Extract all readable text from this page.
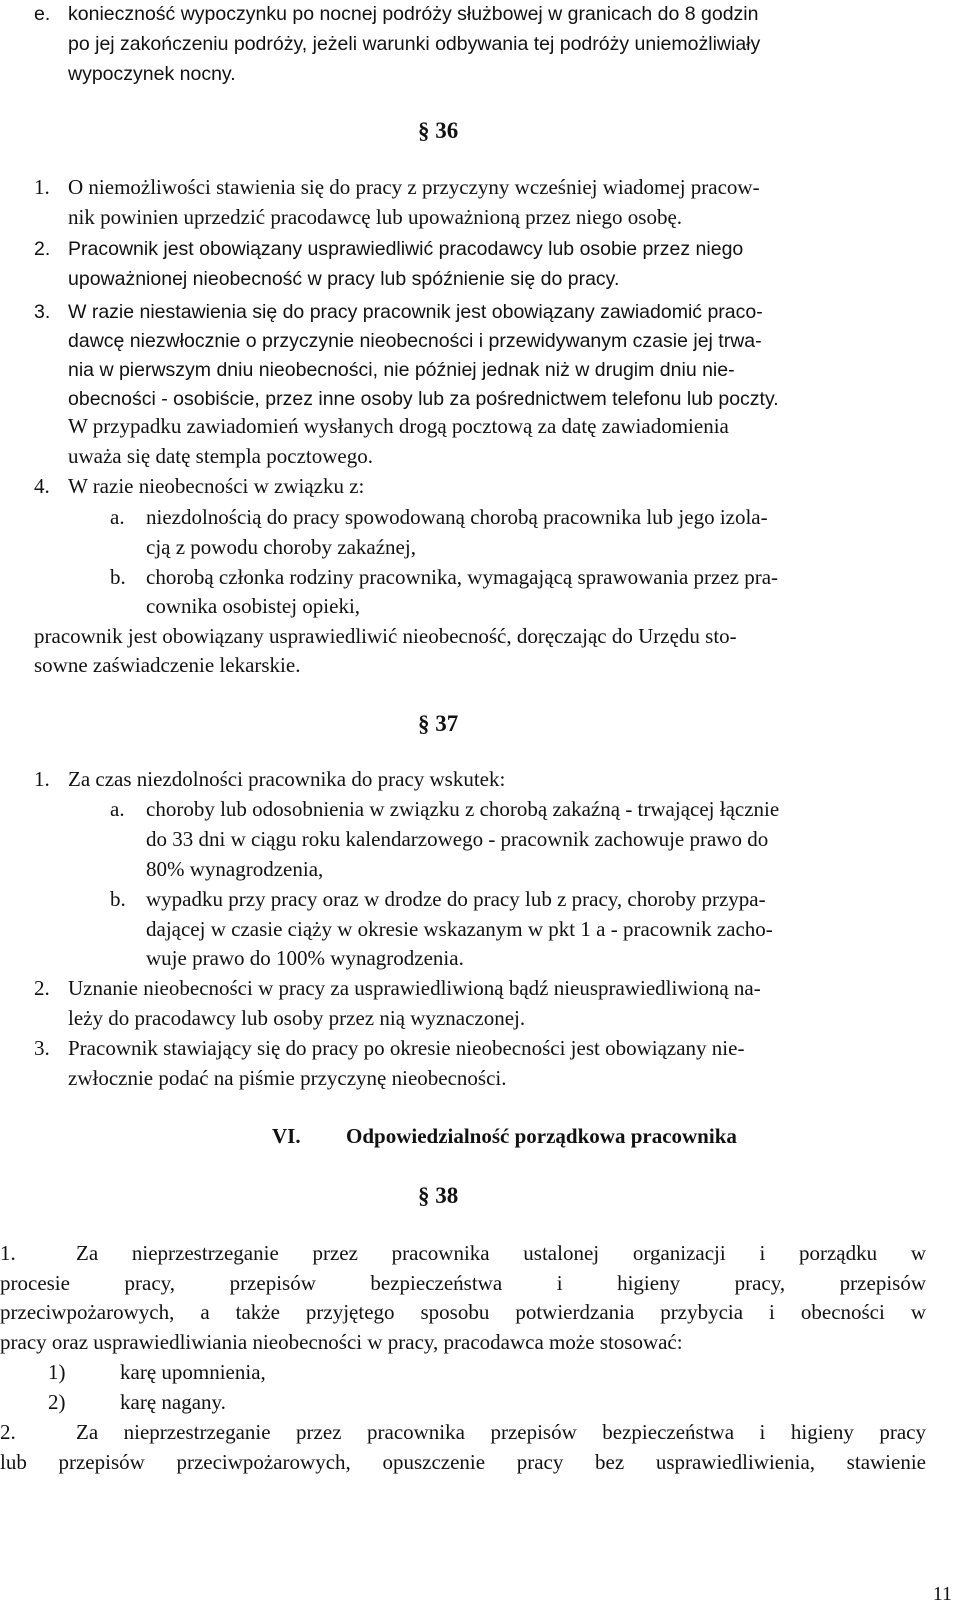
e. konieczność wypoczynku po nocnej podróży służbowej w granicach do 8 godzin
po jej zakończeniu podróży, jeżeli warunki odbywania tej podróży uniemożliwiały
wypoczynek nocny.
§ 36
1. O niemożliwości stawienia się do pracy z przyczyny wcześniej wiadomej pracow-
nik powinien uprzedzić pracodawcę lub upoważnioną przez niego osobę.
2. Pracownik jest obowiązany usprawiedliwić pracodawcy lub osobie przez niego
upoważnionej nieobecność w pracy lub spóźnienie się do pracy.
3. W razie niestawienia się do pracy pracownik jest obowiązany zawiadomić praco-
dawcę niezwłocznie o przyczynie nieobecności i przewidywanym czasie jej trwa-
nia w pierwszym dniu nieobecności, nie później jednak niż w drugim dniu nie-
obecności - osobiście, przez inne osoby lub za pośrednictwem telefonu lub poczty.
W przypadku zawiadomień wysłanych drogą pocztową za datę zawiadomienia
uważa się datę stempla pocztowego.
4. W razie nieobecności w związku z:
a. niezdolnością do pracy spowodowaną chorobą pracownika lub jego izola-
cją z powodu choroby zakaźnej,
b. chorobą członka rodziny pracownika, wymagającą sprawowania przez pra-
cownika osobistej opieki,
pracownik jest obowiązany usprawiedliwić nieobecność, doręczając do Urzędu sto-
sowne zaświadczenie lekarskie.
§ 37
1. Za czas niezdolności pracownika do pracy wskutek:
a. choroby lub odosobnienia w związku z chorobą zakaźną - trwającej łącznie
do 33 dni w ciągu roku kalendarzowego - pracownik zachowuje prawo do
80% wynagrodzenia,
b. wypadku przy pracy oraz w drodze do pracy lub z pracy, choroby przypa-
dającej w czasie ciąży w okresie wskazanym w pkt 1 a - pracownik zacho-
wuje prawo do 100% wynagrodzenia.
2. Uznanie nieobecności w pracy za usprawiedliwioną bądź nieusprawiedliwioną na-
leży do pracodawcy lub osoby przez nią wyznaczonej.
3. Pracownik stawiający się do pracy po okresie nieobecności jest obowiązany nie-
zwłocznie podać na piśmie przyczynę nieobecności.
VI. Odpowiedzialność porządkowa pracownika
§ 38
1.	Za nieprzestrzeganie przez pracownika ustalonej organizacji i porządku w

procesie pracy, przepisów bezpieczeństwa i higieny pracy, przepisów

przeciwpożarowych, a także przyjętego sposobu potwierdzania przybycia i obecności w

pracy oraz usprawiedliwiania nieobecności w pracy, pracodawca może stosować:
1)	karę upomnienia,
2)	karę nagany.
2.	Za nieprzestrzeganie przez pracownika przepisów bezpieczeństwa i higieny pracy

lub przepisów przeciwpożarowych, opuszczenie pracy bez usprawiedliwienia, stawienie

11
